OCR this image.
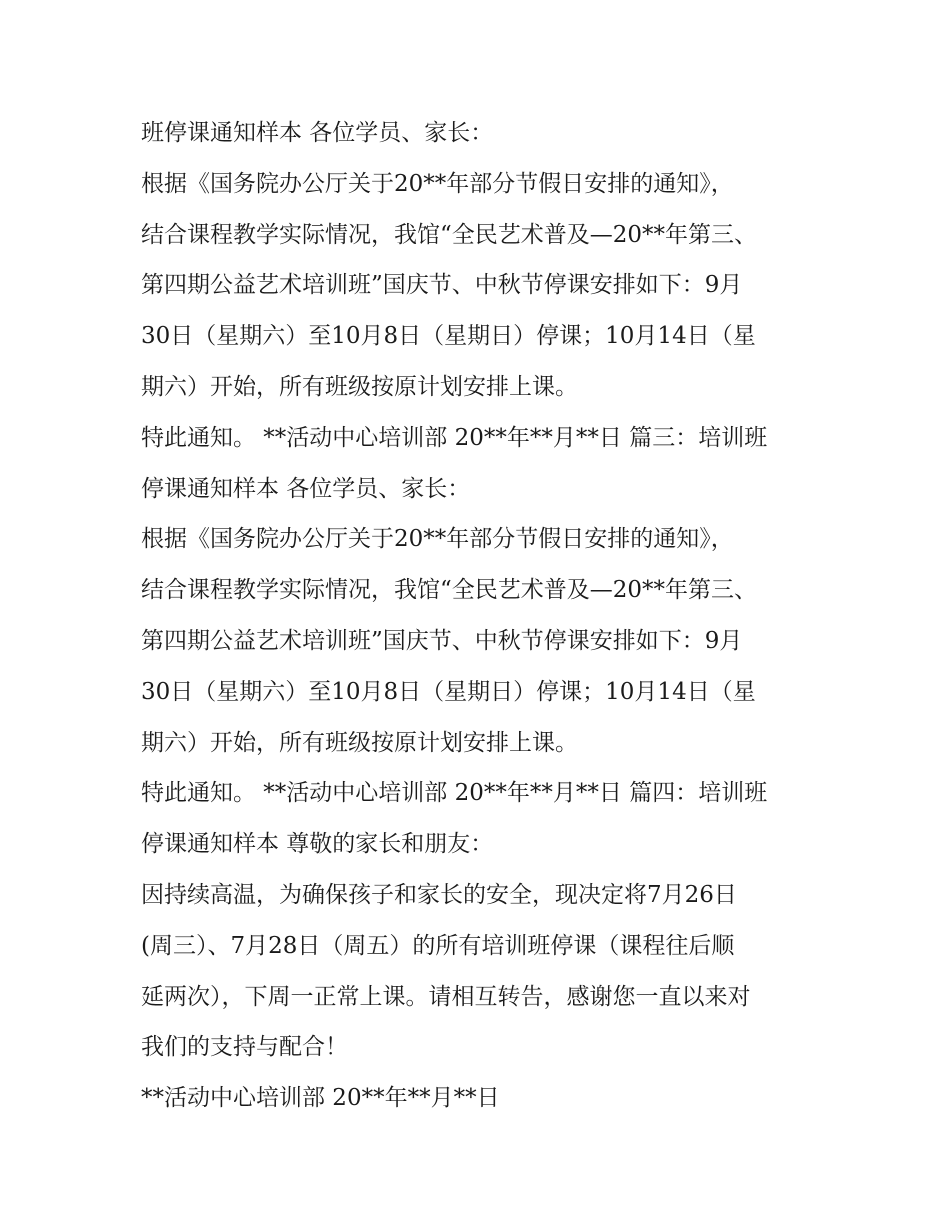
班停课通知样本 各位学员、家长：
根据《国务院办公厅关于20**年部分节假日安排的通知》，
结合课程教学实际情况，我馆“全民艺术普及—20**年第三、
第四期公益艺术培训班”国庆节、中秋节停课安排如下：9月
30日（星期六）至10月8日（星期日）停课；10月14日（星
期六）开始，所有班级按原计划安排上课。
特此通知。 **活动中心培训部 20**年**月**日 篇三：培训班
停课通知样本 各位学员、家长：
根据《国务院办公厅关于20**年部分节假日安排的通知》，
结合课程教学实际情况，我馆“全民艺术普及—20**年第三、
第四期公益艺术培训班”国庆节、中秋节停课安排如下：9月
30日（星期六）至10月8日（星期日）停课；10月14日（星
期六）开始，所有班级按原计划安排上课。
特此通知。 **活动中心培训部 20**年**月**日 篇四：培训班
停课通知样本 尊敬的家长和朋友：
因持续高温，为确保孩子和家长的安全，现决定将7月26日
(周三）、7月28日（周五）的所有培训班停课（课程往后顺
延两次），下周一正常上课。请相互转告，感谢您一直以来对
我们的支持与配合！
**活动中心培训部 20**年**月**日
